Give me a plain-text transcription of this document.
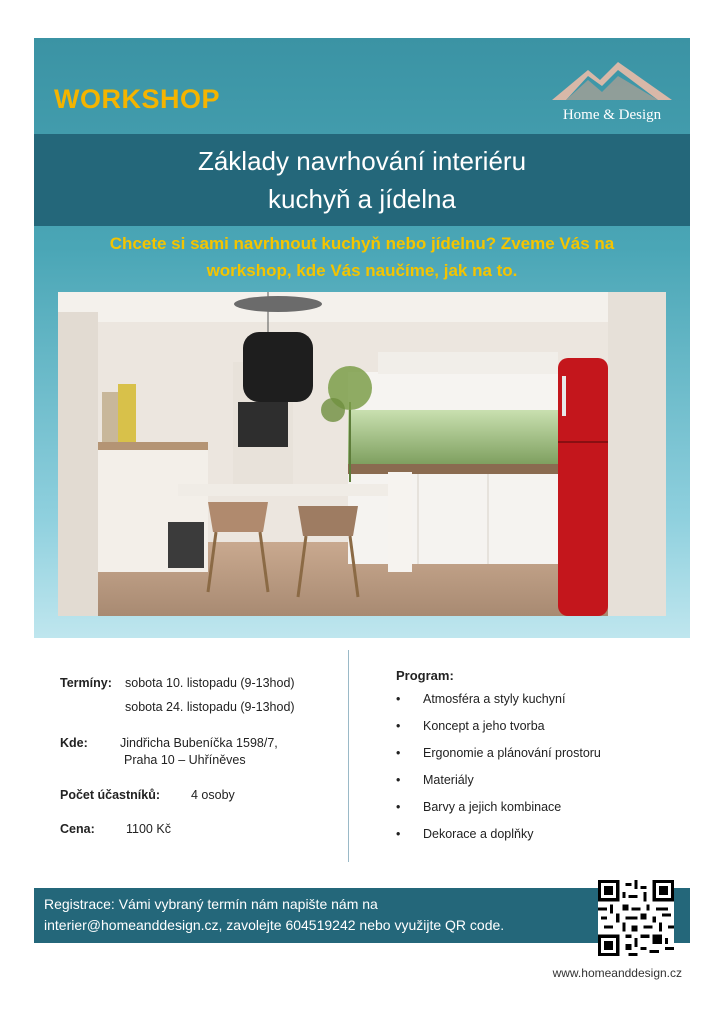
WORKSHOP
Home & Design
Základy navrhování interiéru
kuchyň a jídelna
Chcete si sami navrhnout kuchyň nebo jídelnu? Zveme Vás na
workshop, kde Vás naučíme, jak na to.
Termíny: sobota 10. listopadu (9-13hod)
sobota 24. listopadu (9-13hod)
Kde:	Jindřicha Bubeníčka 1598/7,
Praha 10 – Uhříněves
Počet účastníků: 4 osoby
Cena:	1100 Kč
Program:
• Atmosféra a styly kuchyní
• Koncept a jeho tvorba
• Ergonomie a plánování prostoru
• Materiály
• Barvy a jejich kombinace
• Dekorace a doplňky
Registrace: Vámi vybraný termín nám napište nám na
interier@homeanddesign.cz, zavolejte 604519242 nebo využijte QR code.
www.homeanddesign.cz
